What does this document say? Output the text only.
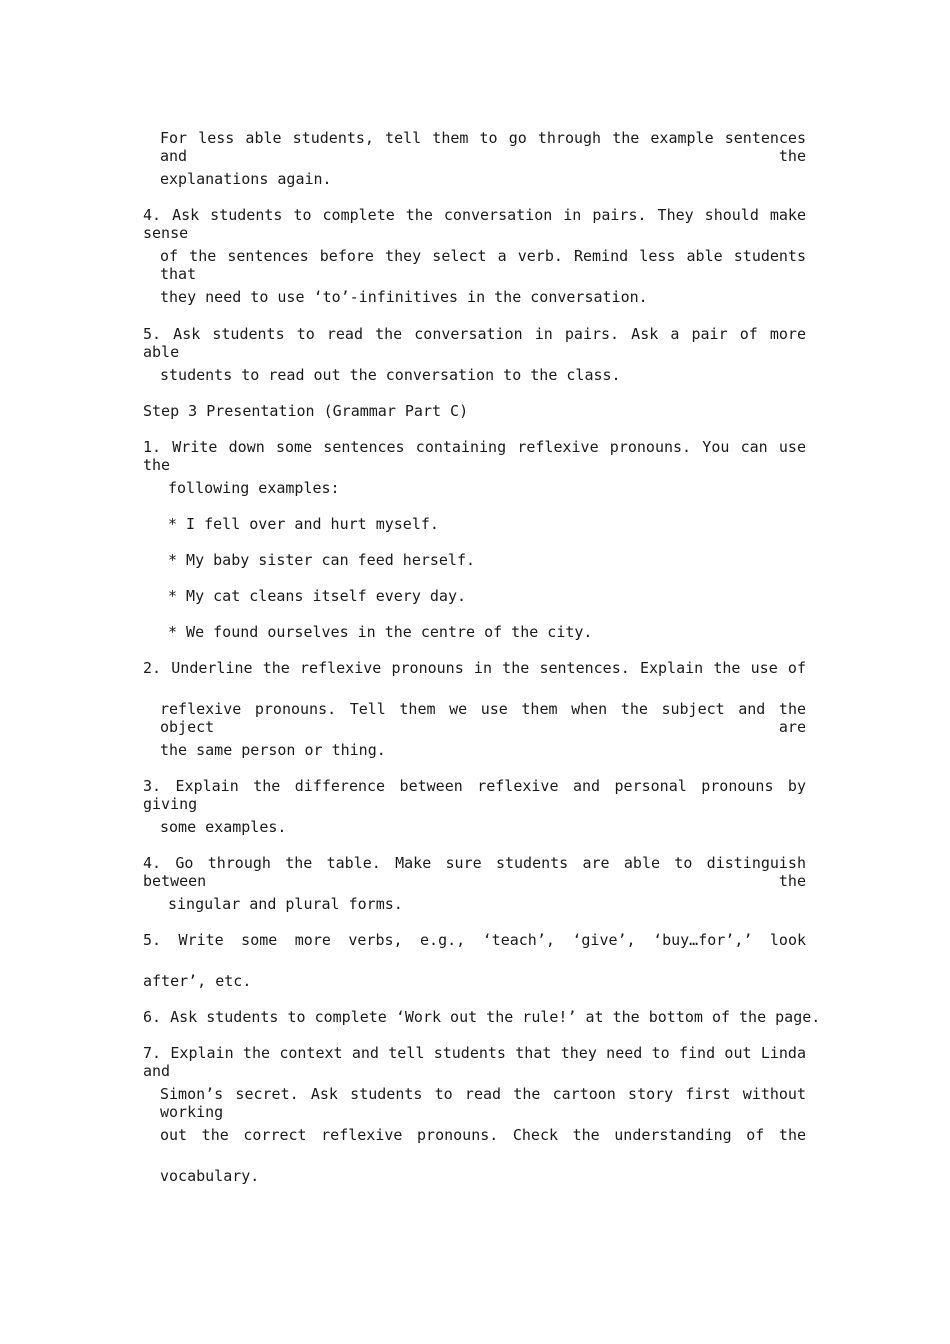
For less able students, tell them to go through the example sentences and the
explanations again.
4. Ask students to complete the conversation in pairs. They should make sense
of the sentences before they select a verb. Remind less able students that
they need to use ‘to’-infinitives in the conversation.
5. Ask students to read the conversation in pairs. Ask a pair of more able
students to read out the conversation to the class.
Step 3 Presentation (Grammar Part C)
1. Write down some sentences containing reflexive pronouns. You can use the
following examples:
* I fell over and hurt myself.
* My baby sister can feed herself.
* My cat cleans itself every day.
* We found ourselves in the centre of the city.
2. Underline the reflexive pronouns in the sentences. Explain the use of
reflexive pronouns. Tell them we use them when the subject and the object are
the same person or thing.
3. Explain the difference between reflexive and personal pronouns by giving
some examples.
4. Go through the table. Make sure students are able to distinguish between the
singular and plural forms.
5. Write some more verbs, e.g., ‘teach’, ‘give’, ‘buy…for’,’ look
after’, etc.
6. Ask students to complete ‘Work out the rule!’ at the bottom of the page.
7. Explain the context and tell students that they need to find out Linda and
Simon’s secret. Ask students to read the cartoon story first without working
out the correct reflexive pronouns. Check the understanding of the
vocabulary.
